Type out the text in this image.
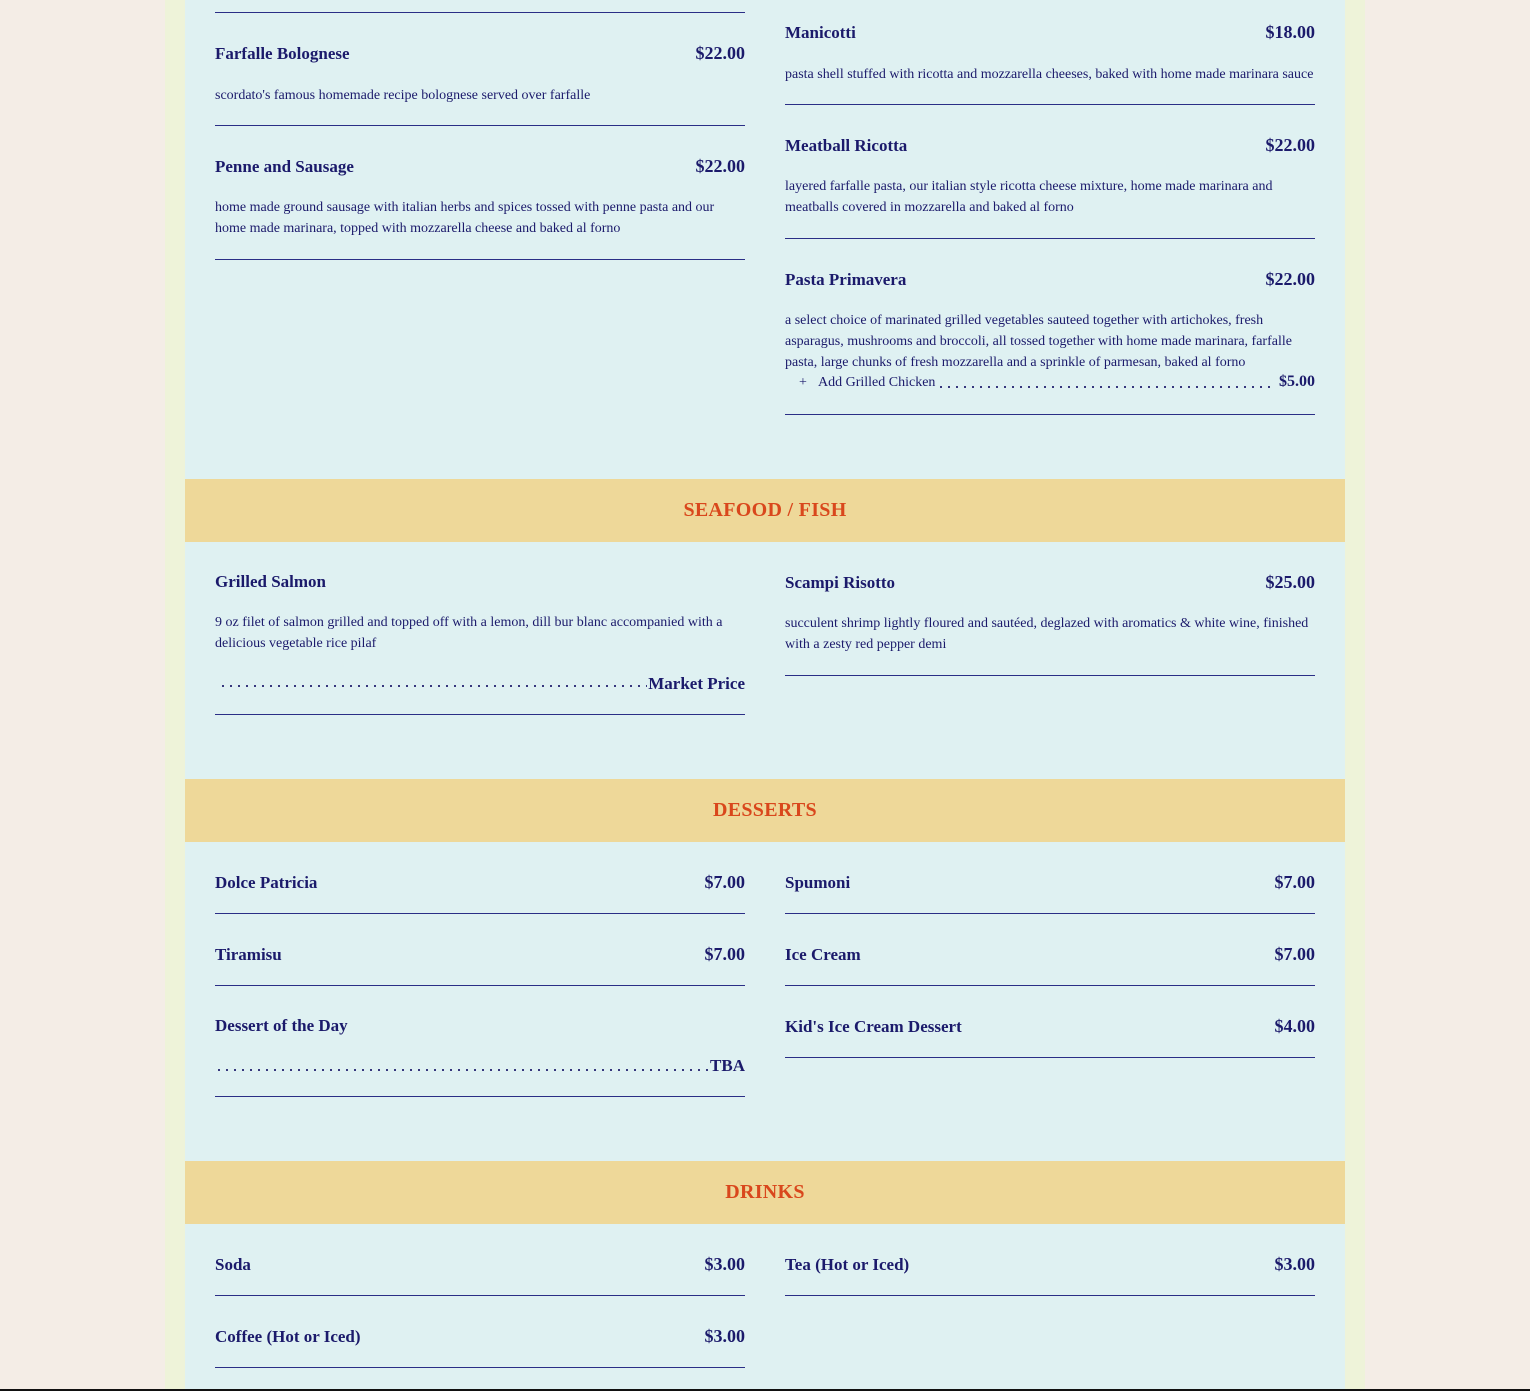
Farfalle Bolognese	$22.00
scordato's famous homemade recipe bolognese served over farfalle
Penne and Sausage	$22.00
home made ground sausage with italian herbs and spices tossed with penne pasta and our home made marinara, topped with mozzarella cheese and baked al forno
Manicotti	$18.00
pasta shell stuffed with ricotta and mozzarella cheeses, baked with home made marinara sauce
Meatball Ricotta	$22.00
layered farfalle pasta, our italian style ricotta cheese mixture, home made marinara and meatballs covered in mozzarella and baked al forno
Pasta Primavera	$22.00
a select choice of marinated grilled vegetables sauteed together with artichokes, fresh asparagus, mushrooms and broccoli, all tossed together with home made marinara, farfalle pasta, large chunks of fresh mozzarella and a sprinkle of parmesan, baked al forno
+ Add Grilled Chicken	$5.00
SEAFOOD / FISH
Grilled Salmon
9 oz filet of salmon grilled and topped off with a lemon, dill bur blanc accompanied with a delicious vegetable rice pilaf
Market Price
Scampi Risotto	$25.00
succulent shrimp lightly floured and sautéed, deglazed with aromatics & white wine, finished with a zesty red pepper demi
DESSERTS
Dolce Patricia	$7.00
Tiramisu	$7.00
Dessert of the Day
TBA
Spumoni	$7.00
Ice Cream	$7.00
Kid's Ice Cream Dessert	$4.00
DRINKS
Soda	$3.00
Coffee (Hot or Iced)	$3.00
Tea (Hot or Iced)	$3.00
